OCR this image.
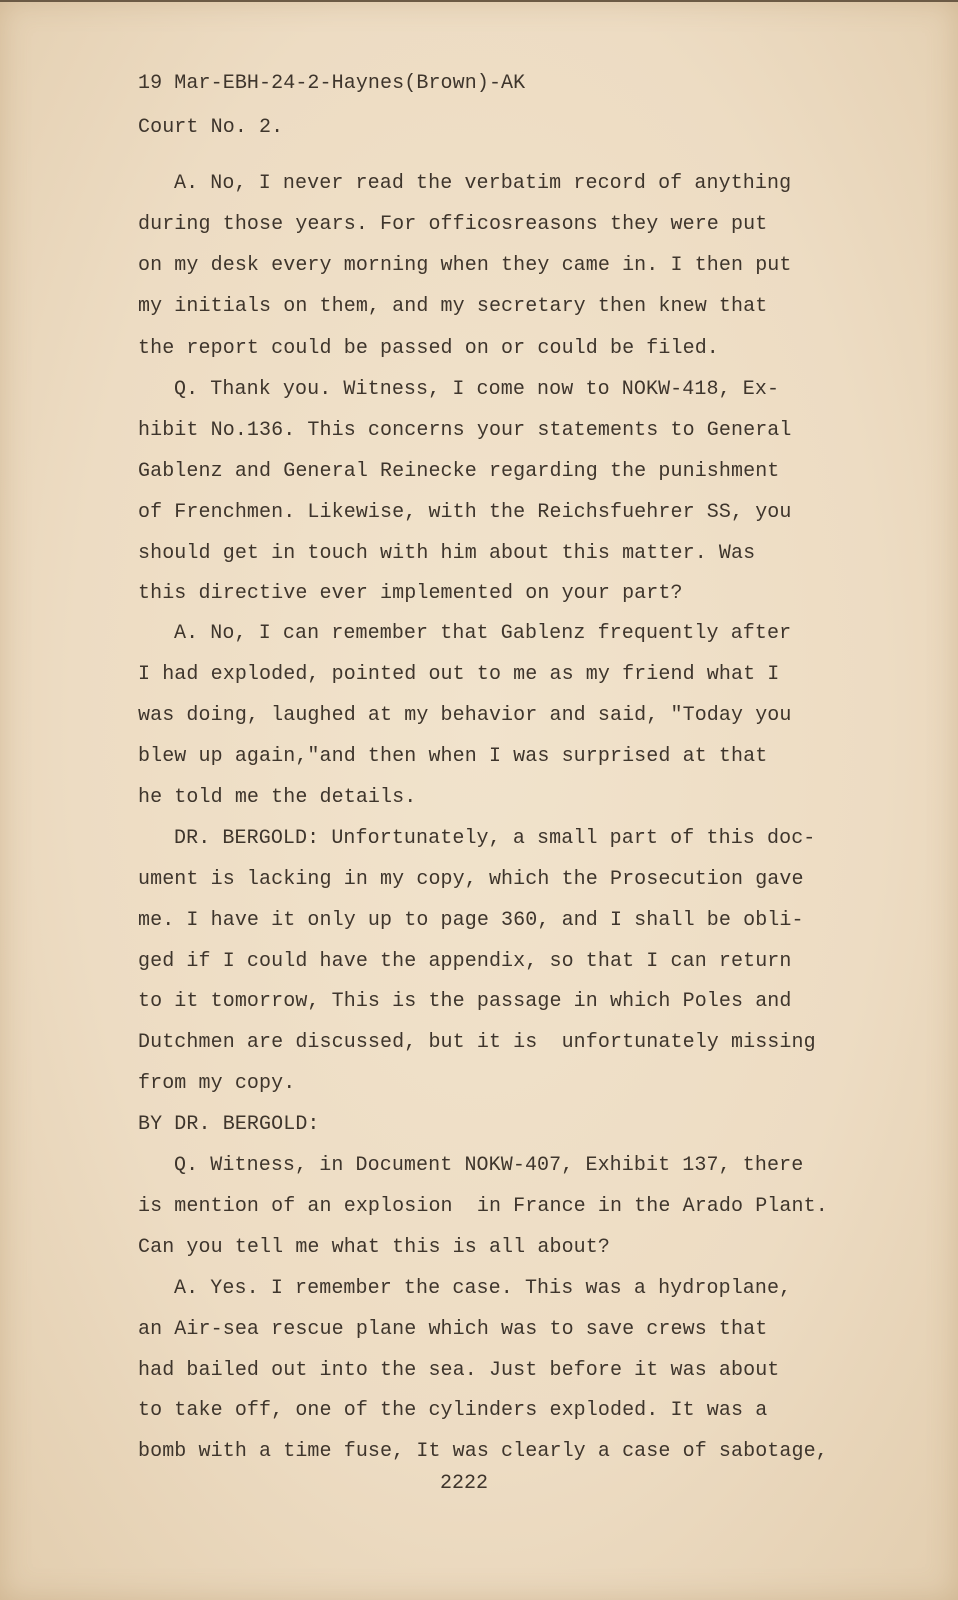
19 Mar-EBH-24-2-Haynes(Brown)-AK
Court No. 2.
A. No, I never read the verbatim record of anything
during those years. For officosreasons they were put
on my desk every morning when they came in. I then put
my initials on them, and my secretary then knew that
the report could be passed on or could be filed.
Q. Thank you. Witness, I come now to NOKW-418, Ex-
hibit No.136. This concerns your statements to General
Gablenz and General Reinecke regarding the punishment
of Frenchmen. Likewise, with the Reichsfuehrer SS, you
should get in touch with him about this matter. Was
this directive ever implemented on your part?
A. No, I can remember that Gablenz frequently after
I had exploded, pointed out to me as my friend what I
was doing, laughed at my behavior and said, "Today you
blew up again,"and then when I was surprised at that
he told me the details.
DR. BERGOLD: Unfortunately, a small part of this doc-
ument is lacking in my copy, which the Prosecution gave
me. I have it only up to page 360, and I shall be obli-
ged if I could have the appendix, so that I can return
to it tomorrow, This is the passage in which Poles and
Dutchmen are discussed, but it is  unfortunately missing
from my copy.
BY DR. BERGOLD:
Q. Witness, in Document NOKW-407, Exhibit 137, there
is mention of an explosion  in France in the Arado Plant.
Can you tell me what this is all about?
A. Yes. I remember the case. This was a hydroplane,
an Air-sea rescue plane which was to save crews that
had bailed out into the sea. Just before it was about
to take off, one of the cylinders exploded. It was a
bomb with a time fuse, It was clearly a case of sabotage,
2222
